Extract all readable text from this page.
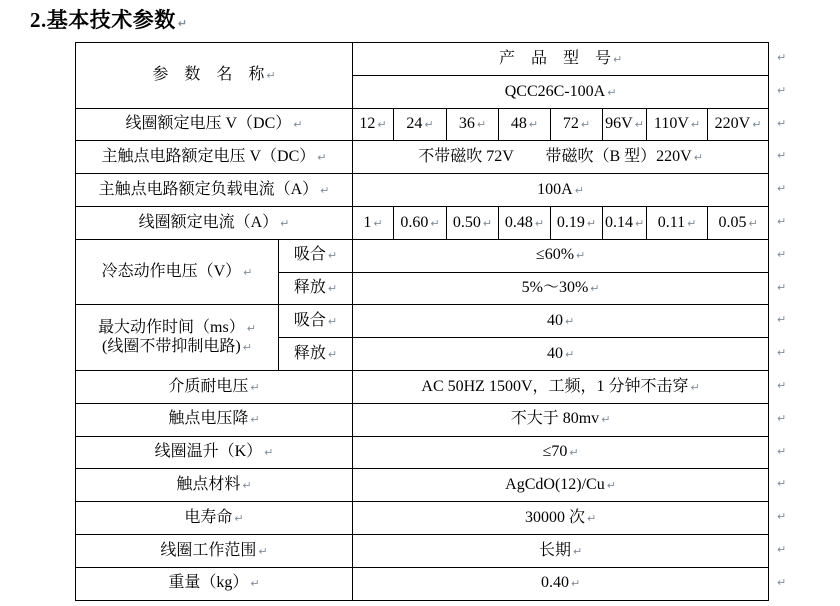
2.基本技术参数 ↵
参　数　名　称 ↵		产　品　型　号 ↵							
		QCC26C-100A ↵							
线圈额定电压 V（DC） ↵		12 ↵	24 ↵	36 ↵	48 ↵	72 ↵	96V ↵	110V ↵	220V ↵
主触点电路额定电压 V（DC） ↵		不带磁吹 72V　　带磁吹（B 型）220V ↵							
主触点电路额定负载电流（A） ↵		100A ↵							
线圈额定电流（A） ↵		1 ↵	0.60 ↵	0.50 ↵	0.48 ↵	0.19 ↵	0.14 ↵	0.11 ↵	0.05 ↵
冷态动作电压（V） ↵	吸合 ↵	≤60% ↵							
	释放 ↵	5%～30% ↵							

最大动作时间（ms） ↵
(线圈不带抑制电路) ↵	吸合 ↵	40 ↵							
	释放 ↵	40 ↵							
介质耐电压 ↵		AC 50HZ 1500V，工频，1 分钟不击穿 ↵							
触点电压降 ↵		不大于 80mv ↵							
线圈温升（K） ↵		≤70 ↵							
触点材料 ↵		AgCdO(12)/Cu ↵							
电寿命 ↵		30000 次 ↵							
线圈工作范围 ↵		长期 ↵							
重量（kg） ↵		0.40 ↵							
↵
↵
↵
↵
↵
↵
↵
↵
↵
↵
↵
↵
↵
↵
↵
↵
↵
